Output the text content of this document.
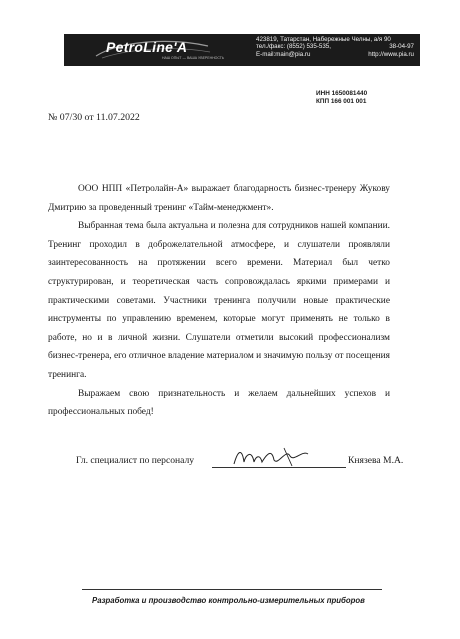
PetroLine'A
НАШ ОПЫТ — ВАША УВЕРЕННОСТЬ
423819, Татарстан, Набережные Челны, а/я 90
тел./факс: (8552) 535-535,	38-04-97
E-mail:main@pia.ru	http://www.pia.ru
ИНН 1650081440
КПП 166 001 001
№ 07/30 от 11.07.2022

ООО НПП «Петролайн-А» выражает благодарность бизнес-тренеру Жукову Дмитрию за проведенный тренинг «Тайм-менеджмент».

Выбранная тема была актуальна и полезна для сотрудников нашей компании. Тренинг проходил в доброжелательной атмосфере, и слушатели проявляли заинтересованность на протяжении всего времени. Материал был четко структурирован, и теоретическая часть сопровождалась яркими примерами и практическими советами. Участники тренинга получили новые практические инструменты по управлению временем, которые могут применять не только в работе, но и в личной жизни. Слушатели отметили высокий профессионализм бизнес-тренера, его отличное владение материалом и значимую пользу от посещения тренинга.

Выражаем свою признательность и желаем дальнейших успехов и профессиональных побед!

Гл. специалист по персоналу	Князева М.А.
Разработка и производство контрольно-измерительных приборов
